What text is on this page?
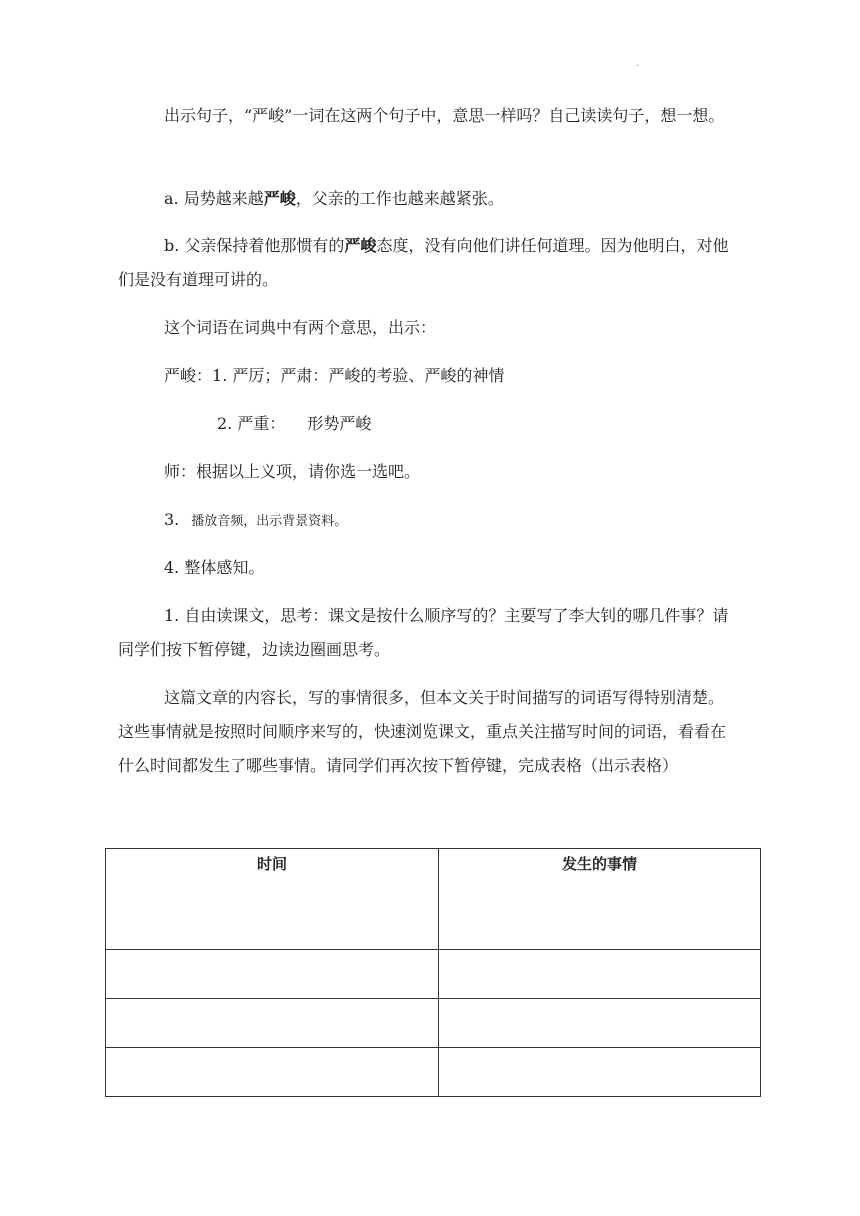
.

出示句子，“严峻”一词在这两个句子中，意思一样吗？自己读读句子，想一想。

a. 局势越来越严峻，父亲的工作也越来越紧张。

b. 父亲保持着他那惯有的严峻态度，没有向他们讲任何道理。因为他明白，对他们是没有道理可讲的。

这个词语在词典中有两个意思，出示：

严峻：1. 严厉；严肃：严峻的考验、严峻的神情

2. 严重： 形势严峻

师：根据以上义项，请你选一选吧。

3. 播放音频，出示背景资料。

4. 整体感知。

1. 自由读课文，思考：课文是按什么顺序写的？主要写了李大钊的哪几件事？请同学们按下暂停键，边读边圈画思考。

这篇文章的内容长，写的事情很多，但本文关于时间描写的词语写得特别清楚。这些事情就是按照时间顺序来写的，快速浏览课文，重点关注描写时间的词语，看看在什么时间都发生了哪些事情。请同学们再次按下暂停键，完成表格（出示表格）

时间	发生的事情
